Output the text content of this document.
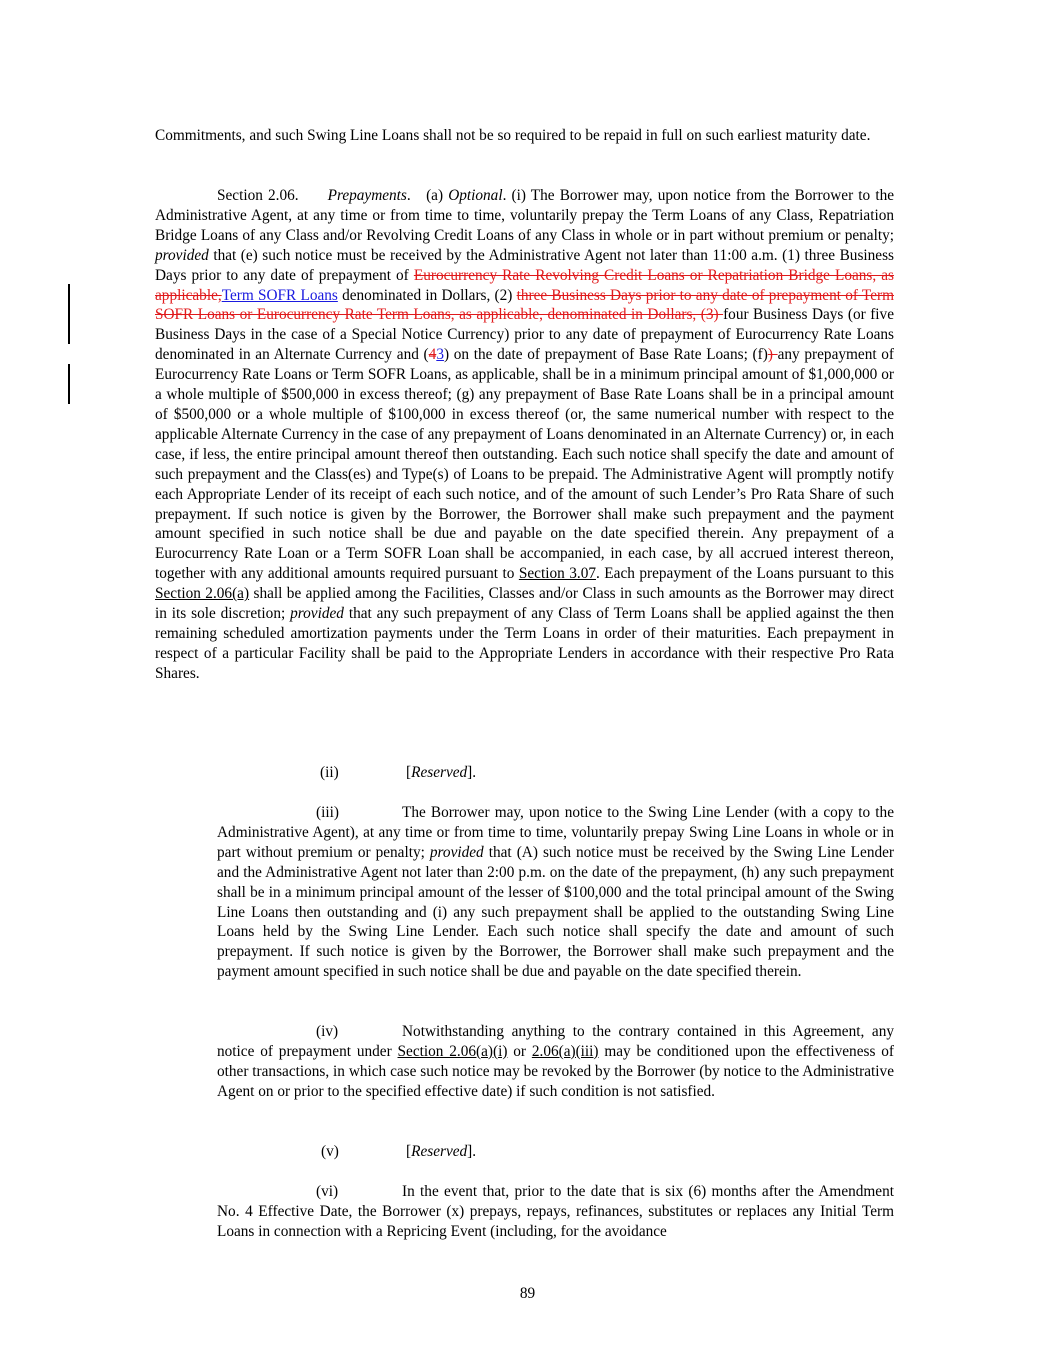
Commitments, and such Swing Line Loans shall not be so required to be repaid in full on such earliest maturity date.

Section 2.06. Prepayments.   (a) Optional. (i) The Borrower may, upon notice from the Borrower to the Administrative Agent, at any time or from time to time, voluntarily prepay the Term Loans of any Class, Repatriation Bridge Loans of any Class and/or Revolving Credit Loans of any Class in whole or in part without premium or penalty; provided that (e) such notice must be received by the Administrative Agent not later than 11:00 a.m. (1) three Business Days prior to any date of prepayment of Eurocurrency Rate Revolving Credit Loans or Repatriation Bridge Loans, as applicable,Term SOFR Loans denominated in Dollars, (2) three Business Days prior to any date of prepayment of Term SOFR Loans or Eurocurrency Rate Term Loans, as applicable, denominated in Dollars, (3) four Business Days (or five Business Days in the case of a Special Notice Currency) prior to any date of prepayment of Eurocurrency Rate Loans denominated in an Alternate Currency and (43) on the date of prepayment of Base Rate Loans; (f)) any prepayment of Eurocurrency Rate Loans or Term SOFR Loans, as applicable, shall be in a minimum principal amount of $1,000,000 or a whole multiple of $500,000 in excess thereof; (g) any prepayment of Base Rate Loans shall be in a principal amount of $500,000 or a whole multiple of $100,000 in excess thereof (or, the same numerical number with respect to the applicable Alternate Currency in the case of any prepayment of Loans denominated in an Alternate Currency) or, in each case, if less, the entire principal amount thereof then outstanding. Each such notice shall specify the date and amount of such prepayment and the Class(es) and Type(s) of Loans to be prepaid. The Administrative Agent will promptly notify each Appropriate Lender of its receipt of each such notice, and of the amount of such Lender’s Pro Rata Share of such prepayment. If such notice is given by the Borrower, the Borrower shall make such prepayment and the payment amount specified in such notice shall be due and payable on the date specified therein. Any prepayment of a Eurocurrency Rate Loan or a Term SOFR Loan shall be accompanied, in each case, by all accrued interest thereon, together with any additional amounts required pursuant to Section 3.07. Each prepayment of the Loans pursuant to this Section 2.06(a) shall be applied among the Facilities, Classes and/or Class in such amounts as the Borrower may direct in its sole discretion; provided that any such prepayment of any Class of Term Loans shall be applied against the then remaining scheduled amortization payments under the Term Loans in order of their maturities. Each prepayment in respect of a particular Facility shall be paid to the Appropriate Lenders in accordance with their respective Pro Rata Shares.

(ii)	[Reserved].

(iii)	The Borrower may, upon notice to the Swing Line Lender (with a copy to the Administrative Agent), at any time or from time to time, voluntarily prepay Swing Line Loans in whole or in part without premium or penalty; provided that (A) such notice must be received by the Swing Line Lender and the Administrative Agent not later than 2:00 p.m. on the date of the prepayment, (h) any such prepayment shall be in a minimum principal amount of the lesser of $100,000 and the total principal amount of the Swing Line Loans then outstanding and (i) any such prepayment shall be applied to the outstanding Swing Line Loans held by the Swing Line Lender. Each such notice shall specify the date and amount of such prepayment. If such notice is given by the Borrower, the Borrower shall make such prepayment and the payment amount specified in such notice shall be due and payable on the date specified therein.

(iv)	Notwithstanding anything to the contrary contained in this Agreement, any notice of prepayment under Section 2.06(a)(i) or 2.06(a)(iii) may be conditioned upon the effectiveness of other transactions, in which case such notice may be revoked by the Borrower (by notice to the Administrative Agent on or prior to the specified effective date) if such condition is not satisfied.

(v)	[Reserved].

(vi)	In the event that, prior to the date that is six (6) months after the Amendment No. 4 Effective Date, the Borrower (x) prepays, repays, refinances, substitutes or replaces any Initial Term Loans in connection with a Repricing Event (including, for the avoidance

89
